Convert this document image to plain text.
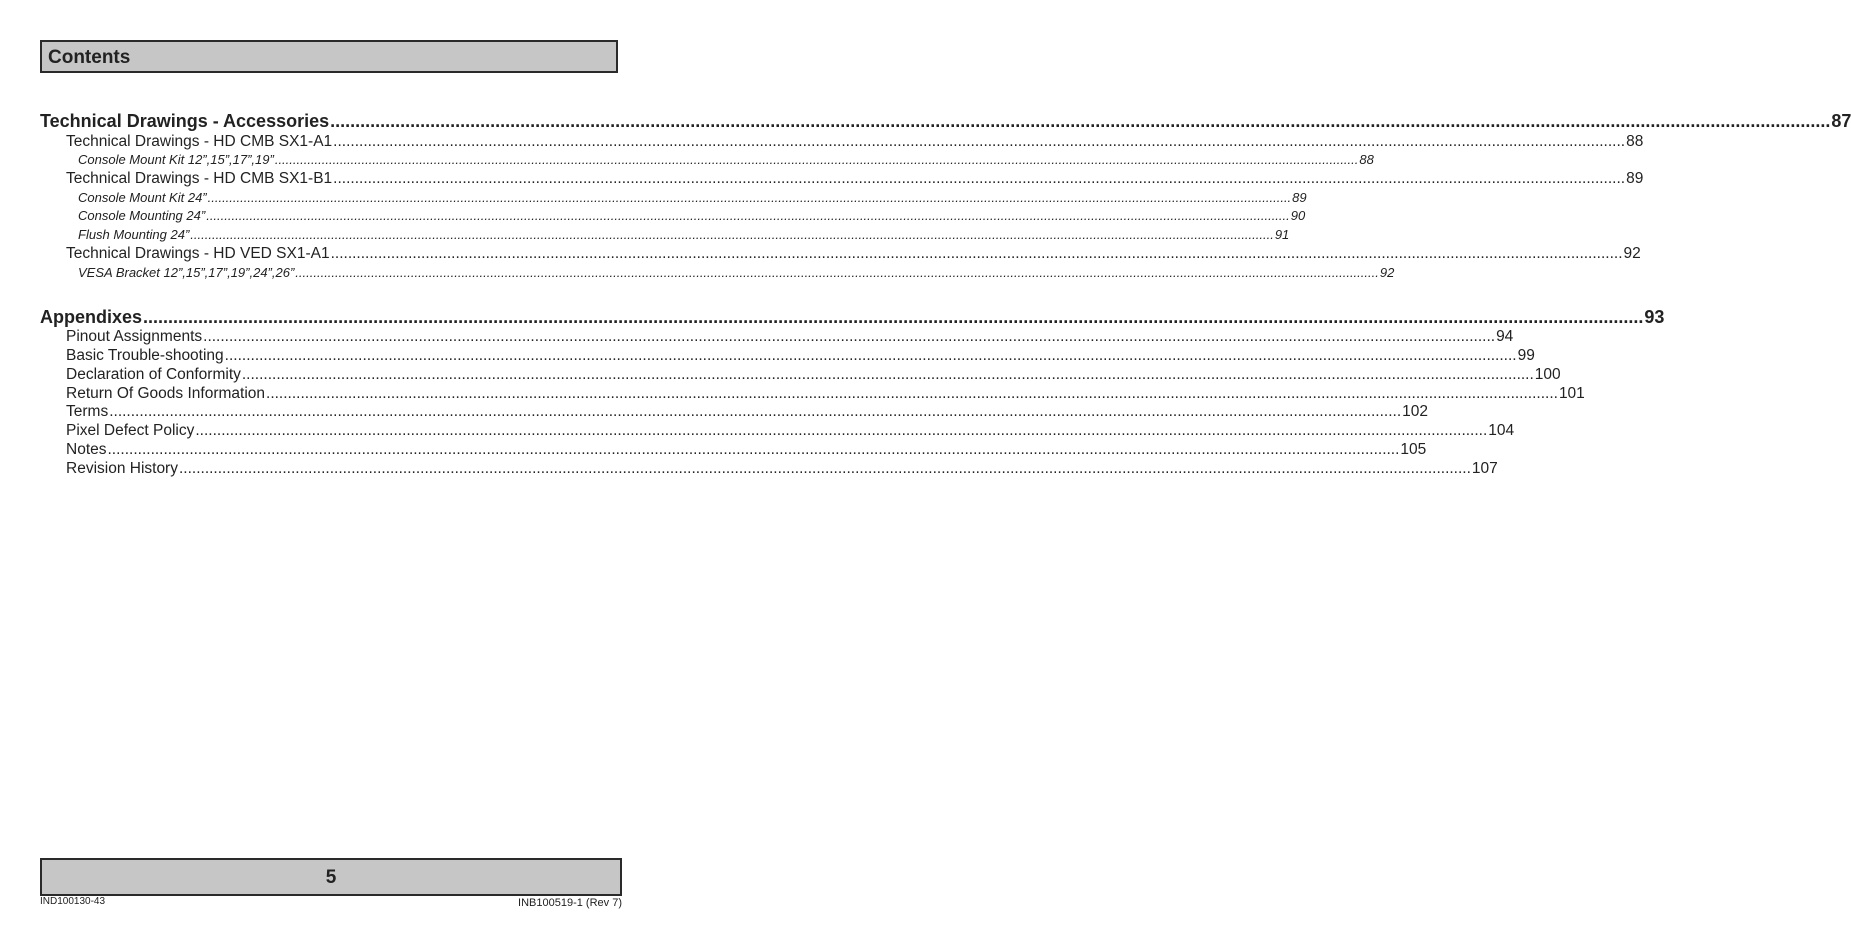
Contents
Technical Drawings - Accessories ............................................................................................................................................................................................................................................................................................................ 87
Technical Drawings - HD CMB SX1-A1 ............................................................................................................................................................................................................................................................................................................ 88
Console Mount Kit 12”,15”,17”,19” ............................................................................................................................................................................................................................................................................................................ 88
Technical Drawings - HD CMB SX1-B1 ............................................................................................................................................................................................................................................................................................................ 89
Console Mount Kit 24” ............................................................................................................................................................................................................................................................................................................ 89
Console Mounting 24” ............................................................................................................................................................................................................................................................................................................ 90
Flush Mounting 24” ............................................................................................................................................................................................................................................................................................................ 91
Technical Drawings - HD VED SX1-A1 ............................................................................................................................................................................................................................................................................................................ 92
VESA Bracket 12”,15”,17”,19”,24”,26” ............................................................................................................................................................................................................................................................................................................ 92
Appendixes ............................................................................................................................................................................................................................................................................................................ 93
Pinout Assignments ............................................................................................................................................................................................................................................................................................................ 94
Basic Trouble-shooting ............................................................................................................................................................................................................................................................................................................ 99
Declaration of Conformity ............................................................................................................................................................................................................................................................................................................ 100
Return Of Goods Information ............................................................................................................................................................................................................................................................................................................ 101
Terms ............................................................................................................................................................................................................................................................................................................ 102
Pixel Defect Policy ............................................................................................................................................................................................................................................................................................................ 104
Notes ............................................................................................................................................................................................................................................................................................................ 105
Revision History ............................................................................................................................................................................................................................................................................................................ 107
5
IND100130-43	INB100519-1 (Rev 7)
